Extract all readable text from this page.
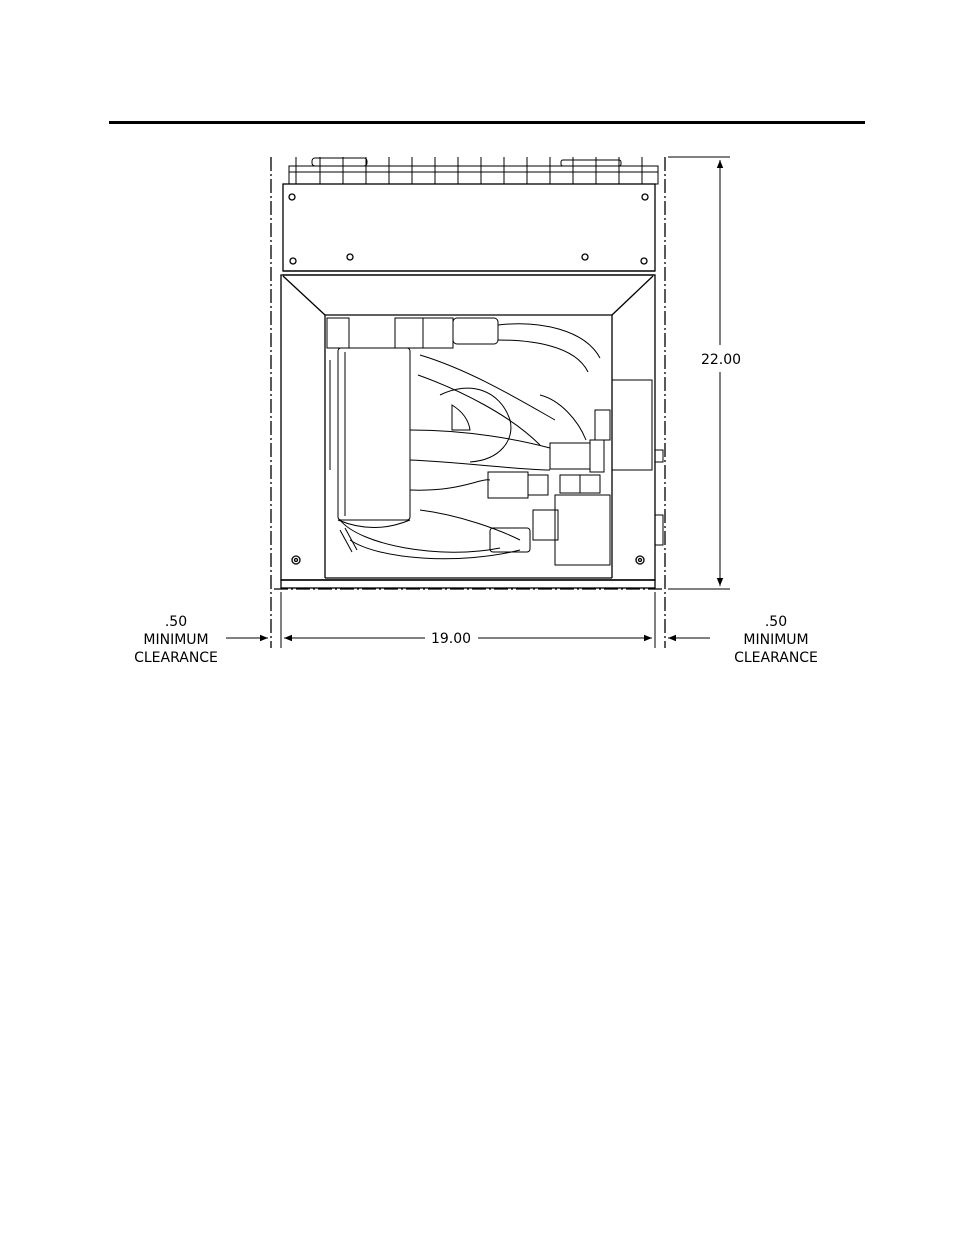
22.00
19.00
.50
MINIMUM
CLEARANCE
.50
MINIMUM
CLEARANCE
